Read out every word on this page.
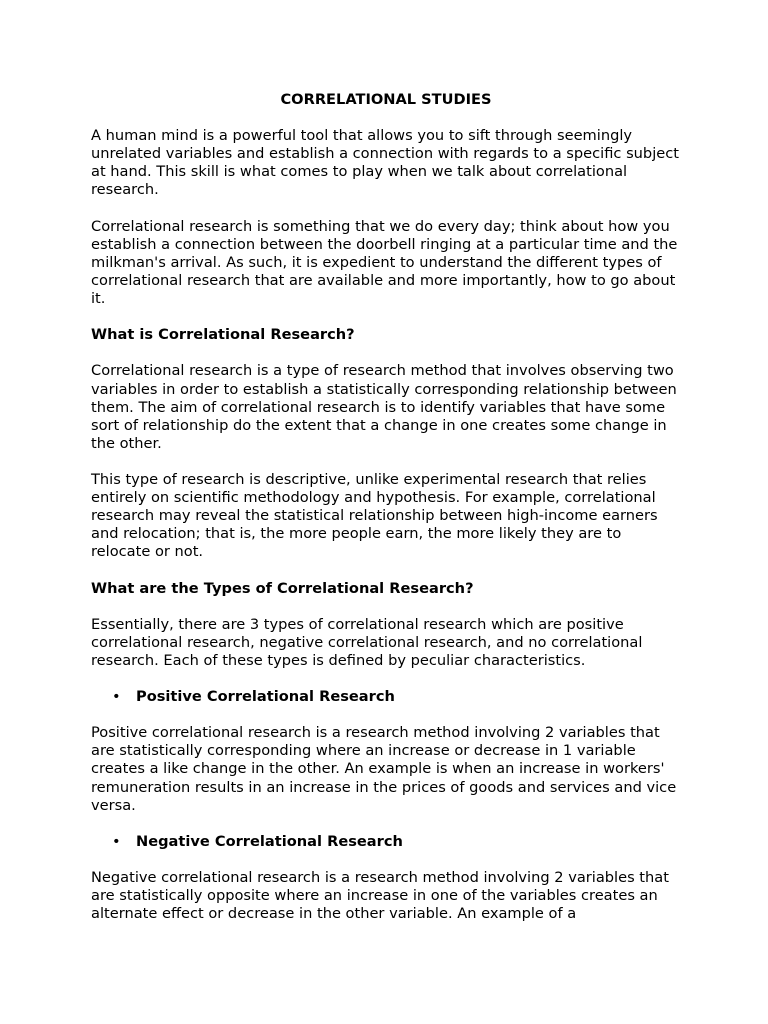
CORRELATIONAL STUDIES
A human mind is a powerful tool that allows you to sift through seemingly unrelated variables and establish a connection with regards to a specific subject at hand. This skill is what comes to play when we talk about correlational research.
Correlational research is something that we do every day; think about how you establish a connection between the doorbell ringing at a particular time and the milkman's arrival. As such, it is expedient to understand the different types of correlational research that are available and more importantly, how to go about it.
What is Correlational Research?
Correlational research is a type of research method that involves observing two variables in order to establish a statistically corresponding relationship between them. The aim of correlational research is to identify variables that have some sort of relationship do the extent that a change in one creates some change in the other.
This type of research is descriptive, unlike experimental research that relies entirely on scientific methodology and hypothesis. For example, correlational research may reveal the statistical relationship between high-income earners and relocation; that is, the more people earn, the more likely they are to relocate or not.
What are the Types of Correlational Research?
Essentially, there are 3 types of correlational research which are positive correlational research, negative correlational research, and no correlational research. Each of these types is defined by peculiar characteristics.
• Positive Correlational Research
Positive correlational research is a research method involving 2 variables that are statistically corresponding where an increase or decrease in 1 variable creates a like change in the other. An example is when an increase in workers' remuneration results in an increase in the prices of goods and services and vice versa.
• Negative Correlational Research
Negative correlational research is a research method involving 2 variables that are statistically opposite where an increase in one of the variables creates an alternate effect or decrease in the other variable. An example of a
